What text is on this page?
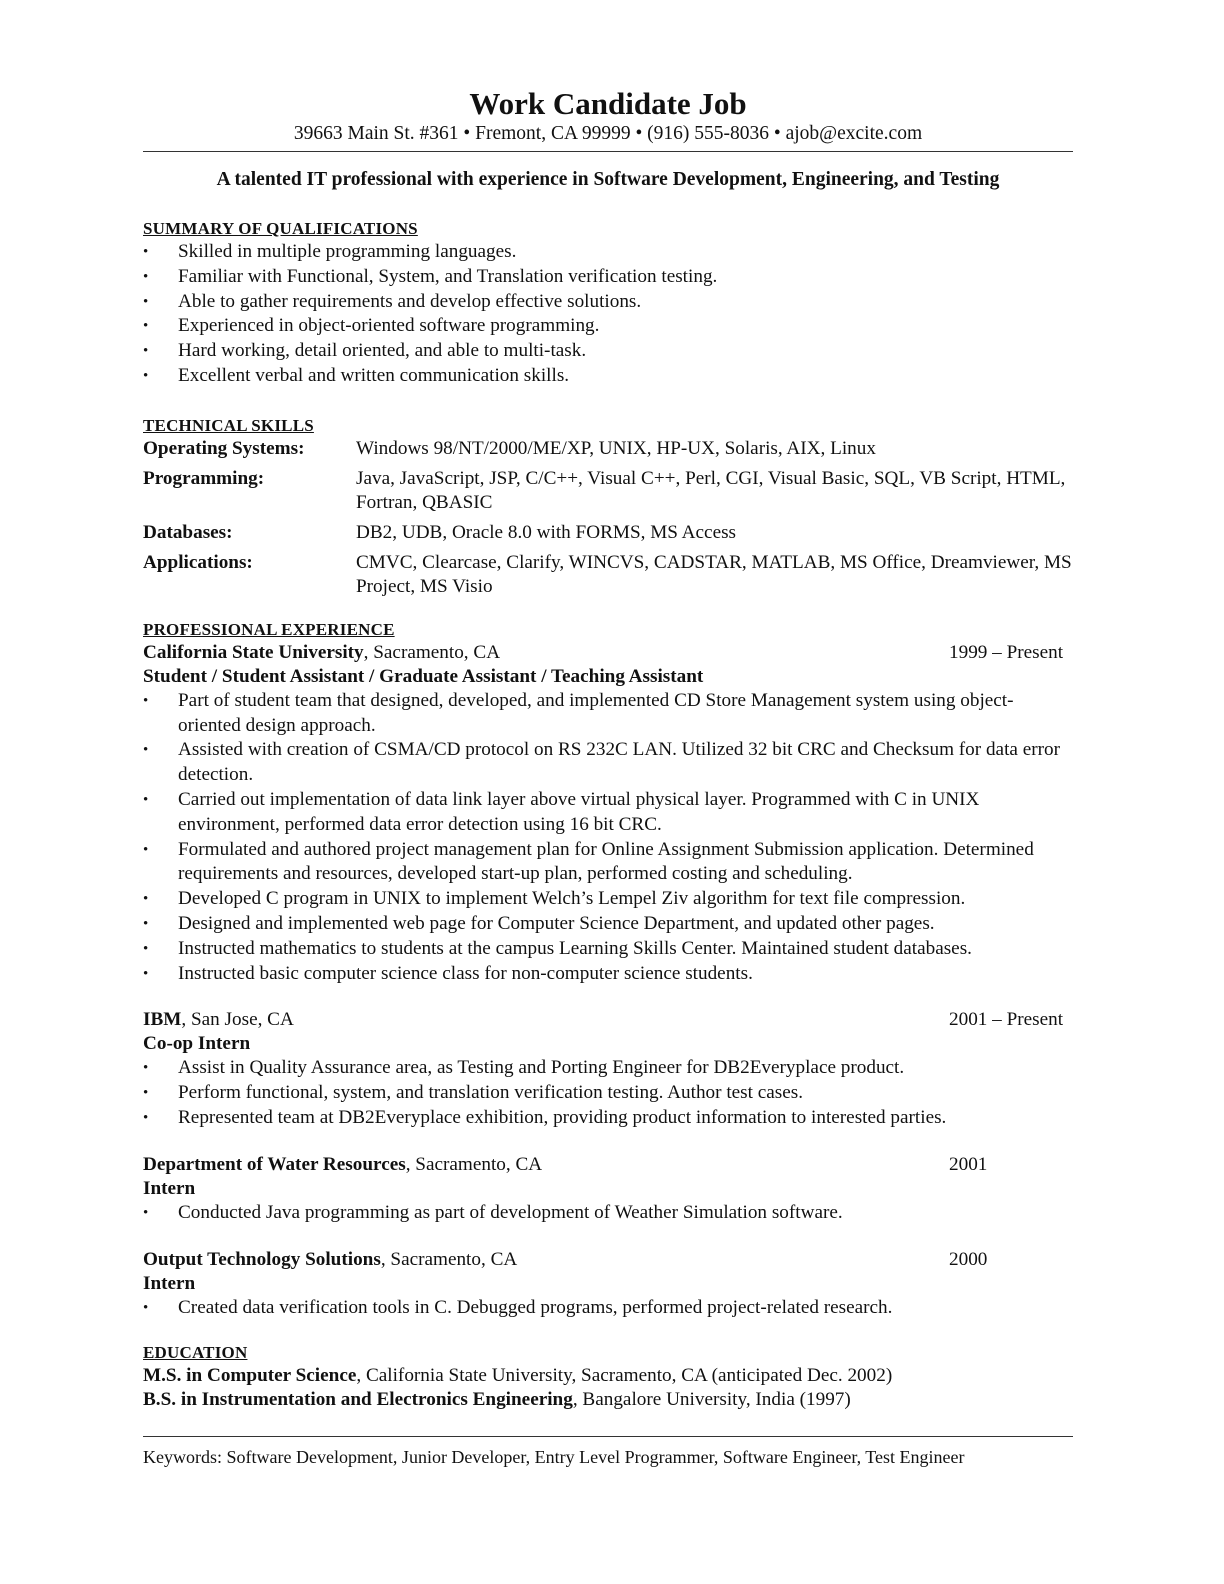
Work Candidate Job
39663 Main St. #361 • Fremont, CA 99999 • (916) 555-8036 • ajob@excite.com
A talented IT professional with experience in Software Development, Engineering, and Testing
SUMMARY OF QUALIFICATIONS
• Skilled in multiple programming languages.
• Familiar with Functional, System, and Translation verification testing.
• Able to gather requirements and develop effective solutions.
• Experienced in object-oriented software programming.
• Hard working, detail oriented, and able to multi-task.
• Excellent verbal and written communication skills.
TECHNICAL SKILLS
Operating Systems:	Windows 98/NT/2000/ME/XP, UNIX, HP-UX, Solaris, AIX, Linux
Programming:	Java, JavaScript, JSP, C/C++, Visual C++, Perl, CGI, Visual Basic, SQL, VB Script, HTML, Fortran, QBASIC
Databases:	DB2, UDB, Oracle 8.0 with FORMS, MS Access
Applications:	CMVC, Clearcase, Clarify, WINCVS, CADSTAR, MATLAB, MS Office, Dreamviewer, MS Project, MS Visio
PROFESSIONAL EXPERIENCE
California State University, Sacramento, CA	1999 – Present
Student / Student Assistant / Graduate Assistant / Teaching Assistant
• Part of student team that designed, developed, and implemented CD Store Management system using object-oriented design approach.
• Assisted with creation of CSMA/CD protocol on RS 232C LAN. Utilized 32 bit CRC and Checksum for data error detection.
• Carried out implementation of data link layer above virtual physical layer. Programmed with C in UNIX environment, performed data error detection using 16 bit CRC.
• Formulated and authored project management plan for Online Assignment Submission application. Determined requirements and resources, developed start-up plan, performed costing and scheduling.
• Developed C program in UNIX to implement Welch’s Lempel Ziv algorithm for text file compression.
• Designed and implemented web page for Computer Science Department, and updated other pages.
• Instructed mathematics to students at the campus Learning Skills Center. Maintained student databases.
• Instructed basic computer science class for non-computer science students.
IBM, San Jose, CA	2001 – Present
Co-op Intern
• Assist in Quality Assurance area, as Testing and Porting Engineer for DB2Everyplace product.
• Perform functional, system, and translation verification testing. Author test cases.
• Represented team at DB2Everyplace exhibition, providing product information to interested parties.
Department of Water Resources, Sacramento, CA	2001
Intern
• Conducted Java programming as part of development of Weather Simulation software.
Output Technology Solutions, Sacramento, CA	2000
Intern
• Created data verification tools in C. Debugged programs, performed project-related research.
EDUCATION
M.S. in Computer Science, California State University, Sacramento, CA (anticipated Dec. 2002)
B.S. in Instrumentation and Electronics Engineering, Bangalore University, India (1997)
Keywords: Software Development, Junior Developer, Entry Level Programmer, Software Engineer, Test Engineer
